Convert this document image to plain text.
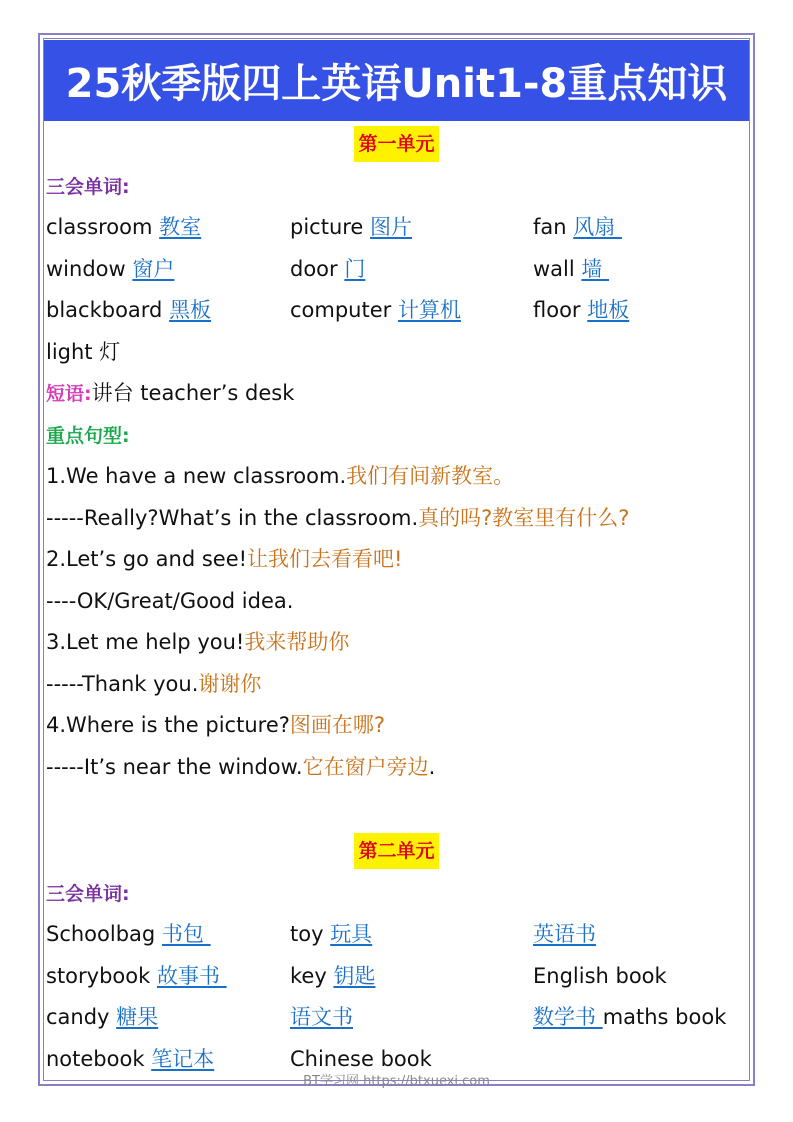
25秋季版四上英语Unit1-8重点知识
第一单元
三会单词:
classroom 教室	picture 图片	fan 风扇
window 窗户	door 门	wall 墙
blackboard 黑板	computer 计算机	floor 地板
light 灯
短语:讲台 teacher’s desk
重点句型:
1.We have a new classroom.我们有间新教室。
-----Really?What’s in the classroom.真的吗?教室里有什么?
2.Let’s go and see!让我们去看看吧!
----OK/Great/Good idea.
3.Let me help you!我来帮助你
-----Thank you.谢谢你
4.Where is the picture?图画在哪?
-----It’s near the window.它在窗户旁边.
第二单元
三会单词:
Schoolbag 书包	toy 玩具	英语书
storybook 故事书	key 钥匙	English book
candy 糖果	语文书	数学书 maths book
notebook 笔记本	Chinese book
BT学习网 https://btxuexi.com
